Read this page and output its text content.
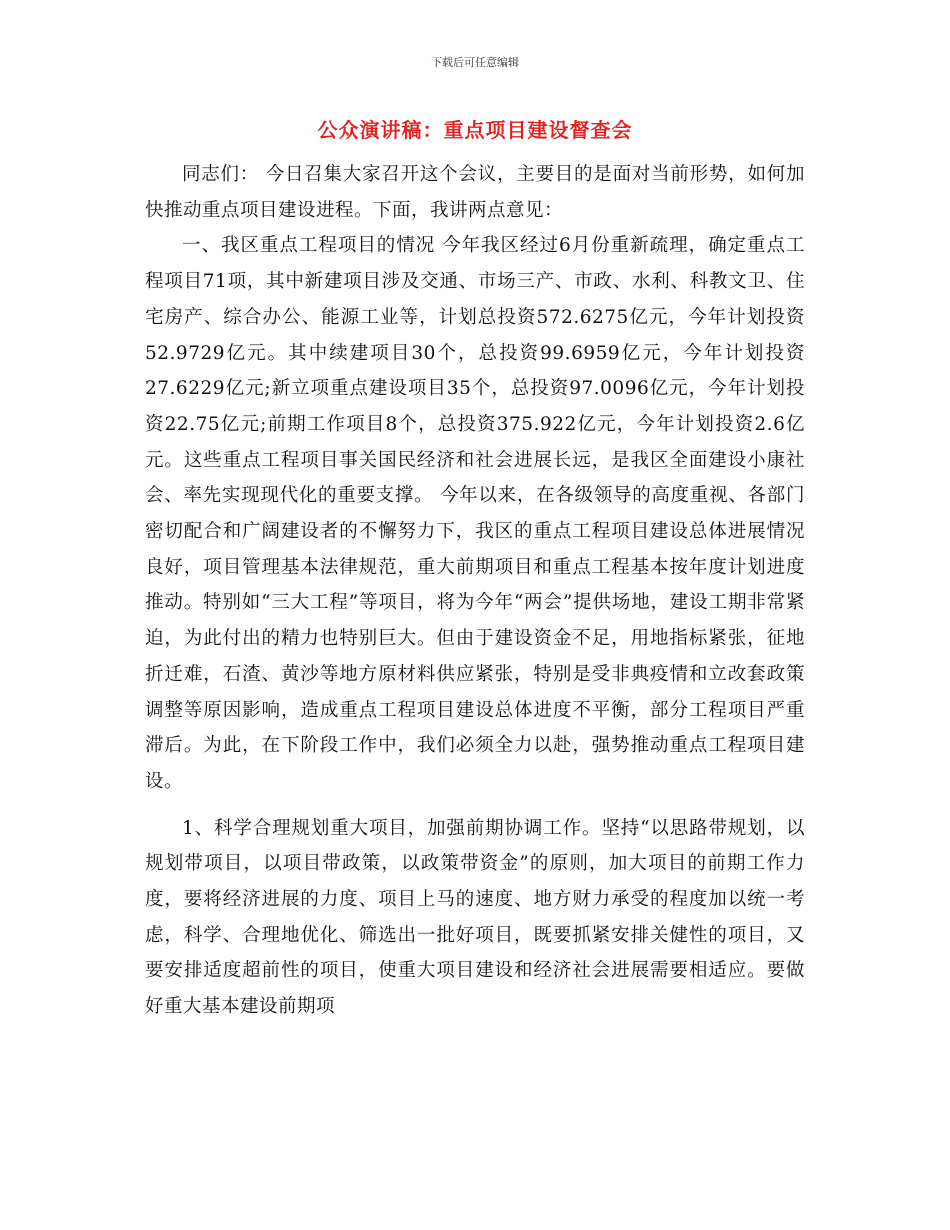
下载后可任意编辑
公众演讲稿：重点项目建设督查会

同志们： 今日召集大家召开这个会议，主要目的是面对当前形势，如何加快推动重点项目建设进程。下面，我讲两点意见：

一、我区重点工程项目的情况 今年我区经过6月份重新疏理，确定重点工程项目71项，其中新建项目涉及交通、市场三产、市政、水利、科教文卫、住宅房产、综合办公、能源工业等，计划总投资572.6275亿元，今年计划投资52.9729亿元。其中续建项目30个，总投资99.6959亿元，今年计划投资27.6229亿元;新立项重点建设项目35个，总投资97.0096亿元，今年计划投资22.75亿元;前期工作项目8个，总投资375.922亿元，今年计划投资2.6亿元。这些重点工程项目事关国民经济和社会进展长远，是我区全面建设小康社会、率先实现现代化的重要支撑。 今年以来，在各级领导的高度重视、各部门密切配合和广阔建设者的不懈努力下，我区的重点工程项目建设总体进展情况良好，项目管理基本法律规范，重大前期项目和重点工程基本按年度计划进度推动。特别如“三大工程”等项目，将为今年“两会”提供场地，建设工期非常紧迫，为此付出的精力也特别巨大。但由于建设资金不足，用地指标紧张，征地折迁难，石渣、黄沙等地方原材料供应紧张，特别是受非典疫情和立改套政策调整等原因影响，造成重点工程项目建设总体进度不平衡，部分工程项目严重滞后。为此，在下阶段工作中，我们必须全力以赴，强势推动重点工程项目建设。

1、科学合理规划重大项目，加强前期协调工作。坚持“以思路带规划，以规划带项目，以项目带政策，以政策带资金”的原则，加大项目的前期工作力度，要将经济进展的力度、项目上马的速度、地方财力承受的程度加以统一考虑，科学、合理地优化、筛选出一批好项目，既要抓紧安排关健性的项目，又要安排适度超前性的项目，使重大项目建设和经济社会进展需要相适应。要做好重大基本建设前期项
